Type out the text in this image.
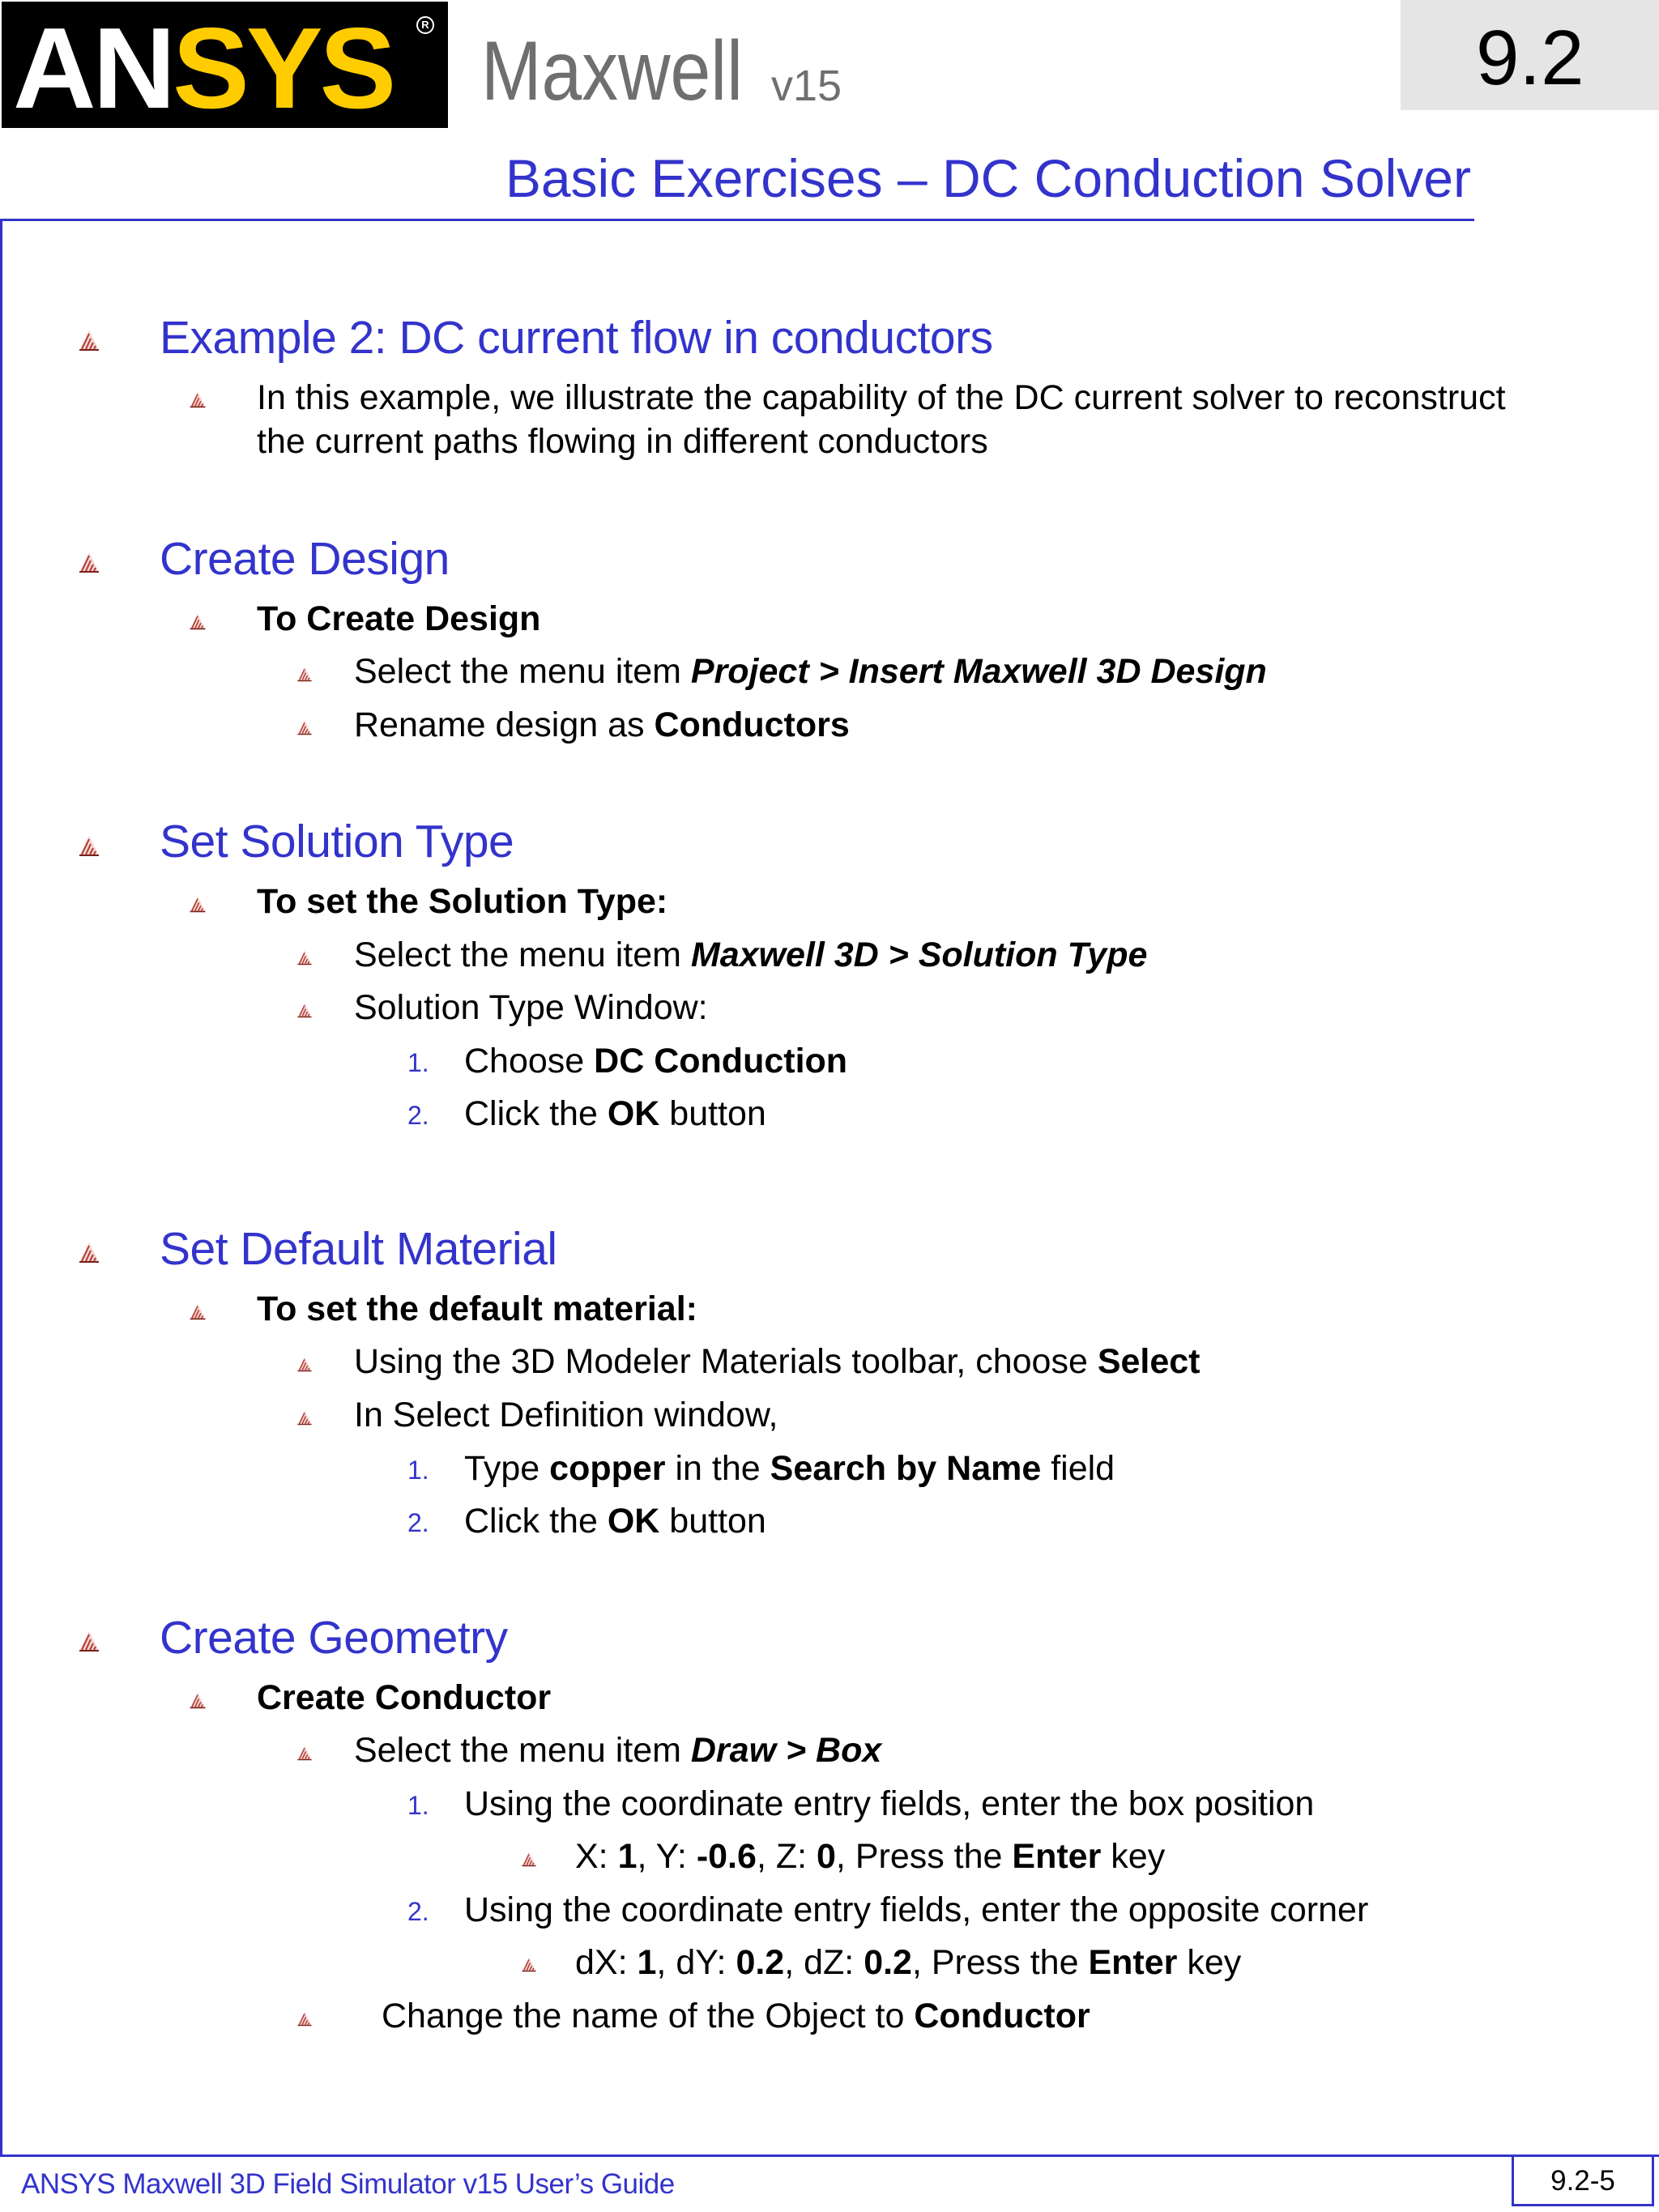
ANSYS	R Maxwell v15	9.2
Basic Exercises – DC Conduction Solver
Example 2: DC current flow in conductors
In this example, we illustrate the capability of the DC current solver to reconstruct
the current paths flowing in different conductors
Create Design
To Create Design
Select the menu item Project > Insert Maxwell 3D Design
Rename design as Conductors
Set Solution Type
To set the Solution Type:
Select the menu item Maxwell 3D > Solution Type
Solution Type Window:
1. Choose DC Conduction
2. Click the OK button
Set Default Material
To set the default material:
Using the 3D Modeler Materials toolbar, choose Select
In Select Definition window,
1. Type copper in the Search by Name field
2. Click the OK button
Create Geometry
Create Conductor
Select the menu item Draw > Box
1. Using the coordinate entry fields, enter the box position
X: 1, Y: -0.6, Z: 0, Press the Enter key
2. Using the coordinate entry fields, enter the opposite corner
dX: 1, dY: 0.2, dZ: 0.2, Press the Enter key
Change the name of the Object to Conductor
ANSYS Maxwell 3D Field Simulator v15 User’s Guide	9.2-5
